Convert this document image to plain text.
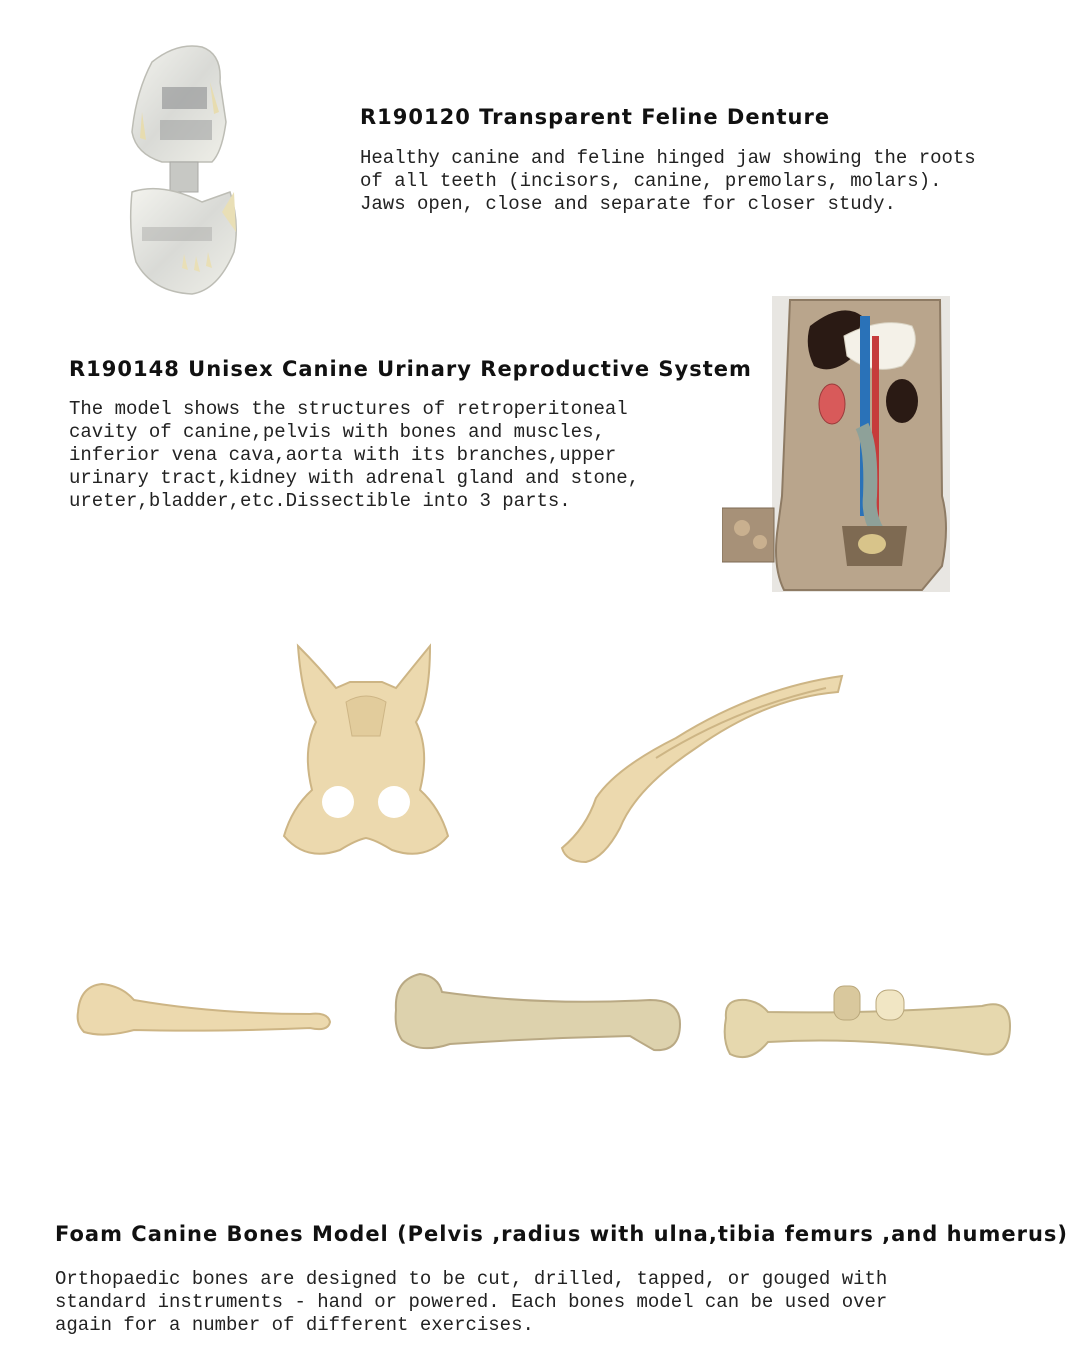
R190120 Transparent Feline Denture

Healthy canine and feline hinged jaw showing the roots

of all teeth (incisors, canine, premolars, molars).

Jaws open, close and separate for closer study.

R190148 Unisex Canine Urinary Reproductive System

The model shows the structures of retroperitoneal

cavity of canine,pelvis with bones and muscles,

inferior vena cava,aorta with its branches,upper

urinary tract,kidney with adrenal gland and stone,

ureter,bladder,etc.Dissectible into 3 parts.

Foam Canine Bones Model (Pelvis ,radius with ulna,tibia femurs ,and humerus)

Orthopaedic bones are designed to be cut, drilled, tapped, or gouged with

standard instruments - hand or powered. Each bones model can be used over

again for a number of different exercises.
